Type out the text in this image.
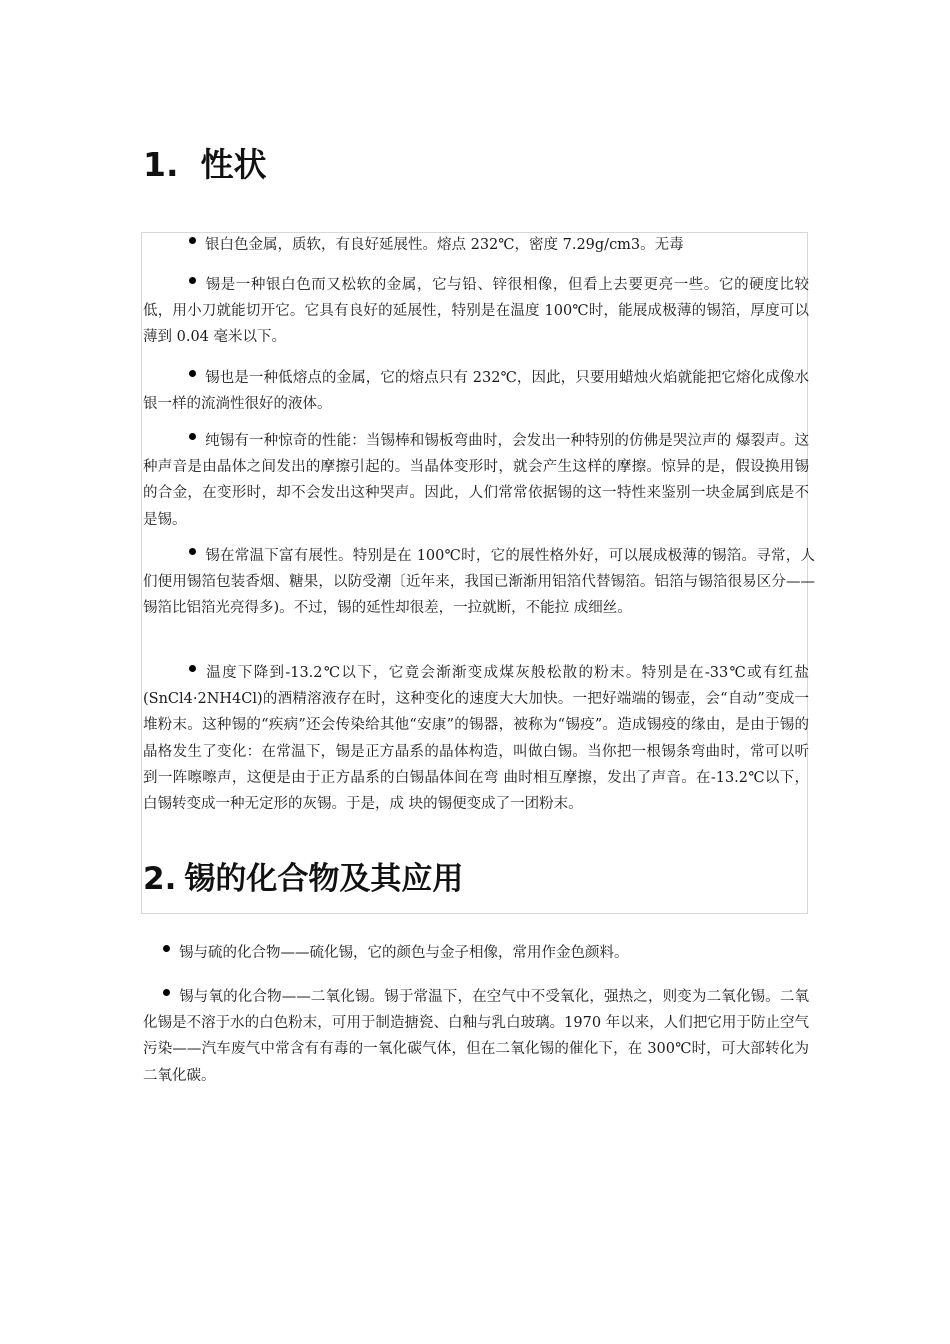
1. 性状

银白色金属，质软，有良好延展性。熔点 232℃，密度 7.29g/cm3。无毒

锡是一种银白色而又松软的金属，它与铅、锌很相像，但看上去要更亮一些。它的硬度比较低，用小刀就能切开它。它具有良好的延展性，特别是在温度 100℃时，能展成极薄的锡箔，厚度可以薄到 0.04 毫米以下。

锡也是一种低熔点的金属，它的熔点只有 232℃，因此，只要用蜡烛火焰就能把它熔化成像水银一样的流淌性很好的液体。

纯锡有一种惊奇的性能：当锡棒和锡板弯曲时，会发出一种特别的仿佛是哭泣声的 爆裂声。这种声音是由晶体之间发出的摩擦引起的。当晶体变形时，就会产生这样的摩擦。惊异的是，假设换用锡的合金，在变形时，却不会发出这种哭声。因此，人们常常依据锡的这一特性来鉴别一块金属到底是不是锡。

锡在常温下富有展性。特别是在 100℃时，它的展性格外好，可以展成极薄的锡箔。寻常，人们便用锡箔包装香烟、糖果，以防受潮〔近年来，我国已渐渐用铝箔代替锡箔。铝箔与锡箔很易区分——锡箔比铝箔光亮得多)。不过，锡的延性却很差，一拉就断，不能拉 成细丝。

温度下降到-13.2℃以下，它竟会渐渐变成煤灰般松散的粉末。特别是在-33℃或有红盐(SnCl4·2NH4Cl)的酒精溶液存在时，这种变化的速度大大加快。一把好端端的锡壶，会“自动”变成一堆粉末。这种锡的“疾病”还会传染给其他“安康”的锡器，被称为“锡疫”。造成锡疫的缘由，是由于锡的晶格发生了变化：在常温下，锡是正方晶系的晶体构造，叫做白锡。当你把一根锡条弯曲时，常可以听到一阵嚓嚓声，这便是由于正方晶系的白锡晶体间在弯 曲时相互摩擦，发出了声音。在-13.2℃以下，白锡转变成一种无定形的灰锡。于是，成 块的锡便变成了一团粉末。

2. 锡的化合物及其应用

锡与硫的化合物——硫化锡，它的颜色与金子相像，常用作金色颜料。

锡与氧的化合物——二氧化锡。锡于常温下，在空气中不受氧化，强热之，则变为二氧化锡。二氧化锡是不溶于水的白色粉末，可用于制造搪瓷、白釉与乳白玻璃。1970 年以来，人们把它用于防止空气污染——汽车废气中常含有有毒的一氧化碳气体，但在二氧化锡的催化下，在 300℃时，可大部转化为二氧化碳。
